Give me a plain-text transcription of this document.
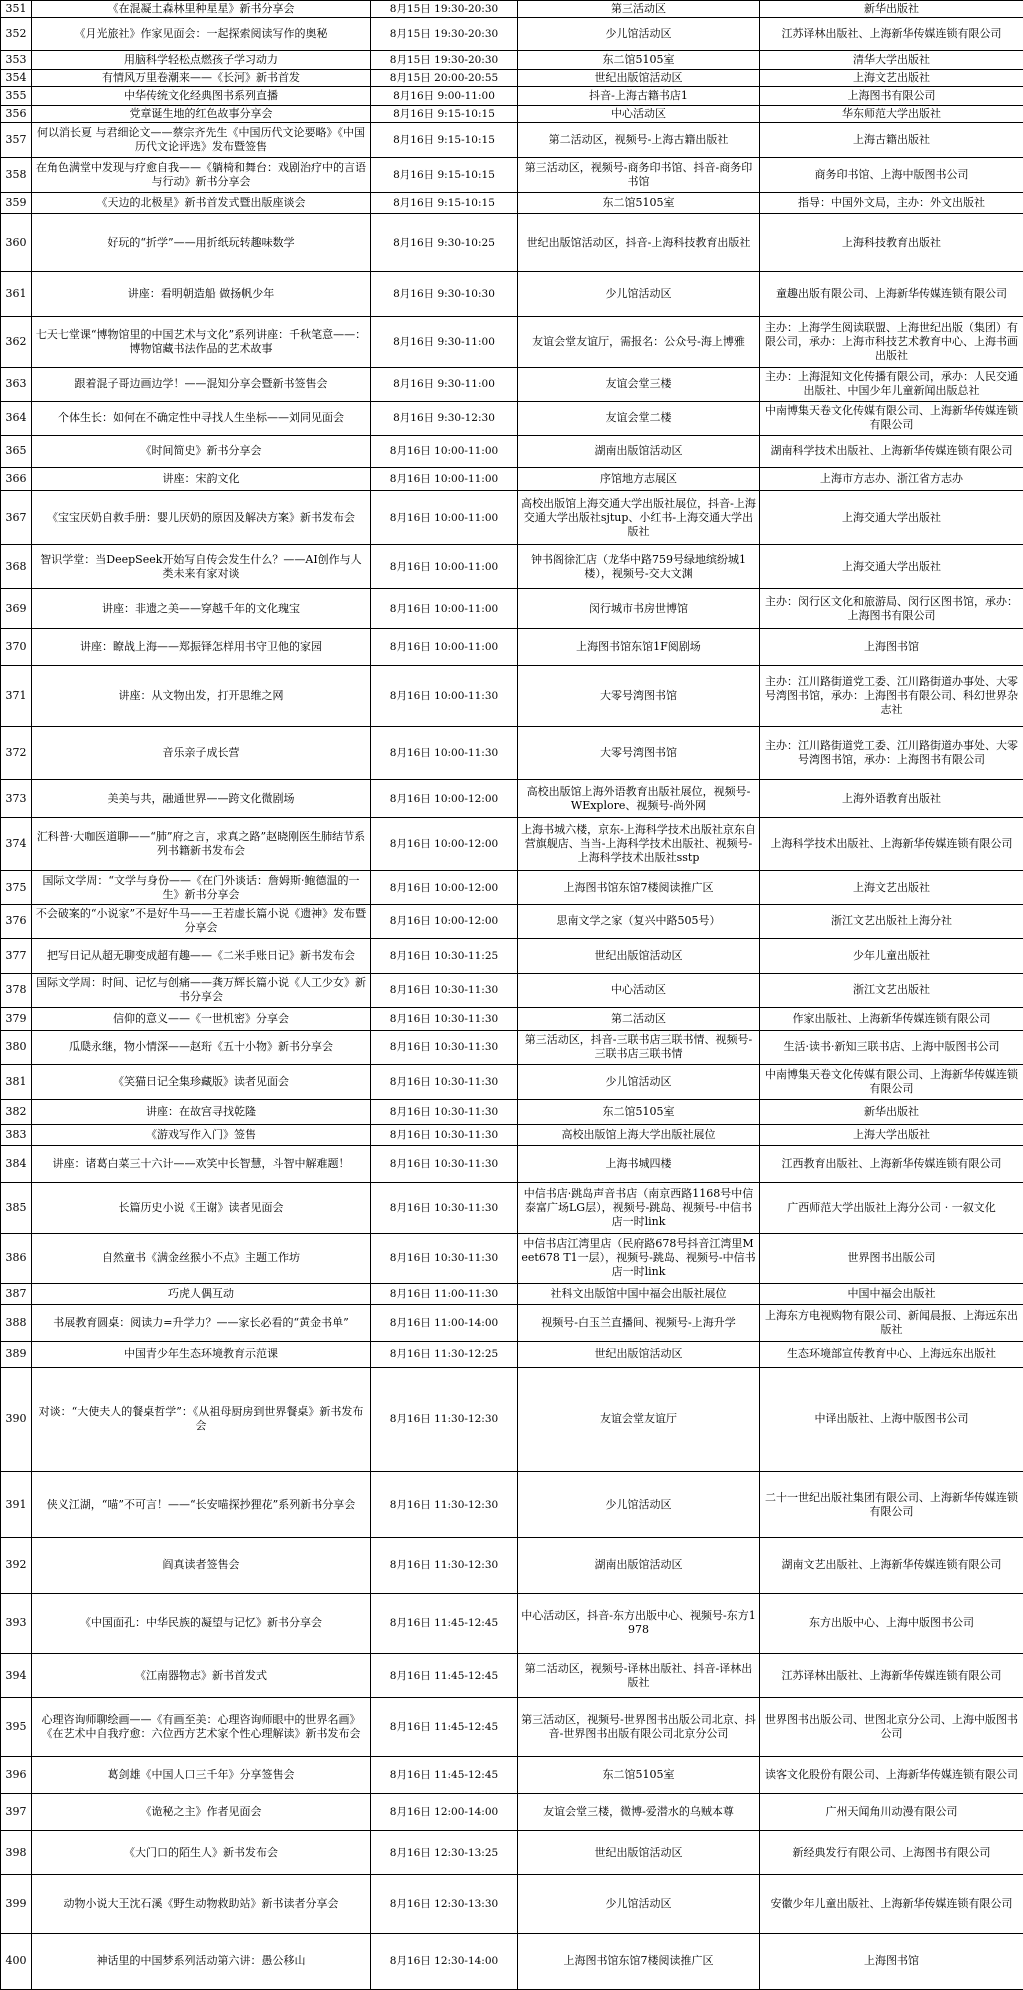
351	《在混凝土森林里种星星》新书分享会	8月15日 19:30-20:30	第三活动区	新华出版社
352	《月光旅社》作家见面会：一起探索阅读写作的奥秘	8月15日 19:30-20:30	少儿馆活动区	江苏译林出版社、上海新华传媒连锁有限公司
353	用脑科学轻松点燃孩子学习动力	8月15日 19:30-20:30	东二馆5105室	清华大学出版社
354	有情风万里卷潮来——《长河》新书首发	8月15日 20:00-20:55	世纪出版馆活动区	上海文艺出版社
355	中华传统文化经典图书系列直播	8月16日 9:00-11:00	抖音-上海古籍书店1	上海图书有限公司
356	党章诞生地的红色故事分享会	8月16日 9:15-10:15	中心活动区	华东师范大学出版社
357	何以消长夏 与君细论文——蔡宗齐先生《中国历代文论要略》《中国历代文论评选》发布暨签售	8月16日 9:15-10:15	第二活动区，视频号-上海古籍出版社	上海古籍出版社
358	在角色满堂中发现与疗愈自我——《躺椅和舞台：戏剧治疗中的言语与行动》新书分享会	8月16日 9:15-10:15	第三活动区，视频号-商务印书馆、抖音-商务印书馆	商务印书馆、上海中版图书公司
359	《天边的北极星》新书首发式暨出版座谈会	8月16日 9:15-10:15	东二馆5105室	指导：中国外文局，主办：外文出版社
360	好玩的“折学”——用折纸玩转趣味数学	8月16日 9:30-10:25	世纪出版馆活动区，抖音-上海科技教育出版社	上海科技教育出版社
361	讲座：看明朝造船 做扬帆少年	8月16日 9:30-10:30	少儿馆活动区	童趣出版有限公司、上海新华传媒连锁有限公司
362	七天七堂课“博物馆里的中国艺术与文化”系列讲座：千秋笔意——：博物馆藏书法作品的艺术故事	8月16日 9:30-11:00	友谊会堂友谊厅，需报名：公众号-海上博雅	主办：上海学生阅读联盟、上海世纪出版（集团）有限公司，承办：上海市科技艺术教育中心、上海书画出版社
363	跟着混子哥边画边学！——混知分享会暨新书签售会	8月16日 9:30-11:00	友谊会堂三楼	主办：上海混知文化传播有限公司，承办：人民交通出版社、中国少年儿童新闻出版总社
364	个体生长：如何在不确定性中寻找人生坐标——刘同见面会	8月16日 9:30-12:30	友谊会堂二楼	中南博集天卷文化传媒有限公司、上海新华传媒连锁有限公司
365	《时间简史》新书分享会	8月16日 10:00-11:00	湖南出版馆活动区	湖南科学技术出版社、上海新华传媒连锁有限公司
366	讲座：宋韵文化	8月16日 10:00-11:00	序馆地方志展区	上海市方志办、浙江省方志办
367	《宝宝厌奶自救手册：婴儿厌奶的原因及解决方案》新书发布会	8月16日 10:00-11:00	高校出版馆上海交通大学出版社展位，抖音-上海交通大学出版社sjtup、小红书-上海交通大学出版社	上海交通大学出版社
368	智识学堂：当DeepSeek开始写自传会发生什么？——AI创作与人类未来有家对谈	8月16日 10:00-11:00	钟书阁徐汇店（龙华中路759号绿地缤纷城1楼），视频号-交大文渊	上海交通大学出版社
369	讲座：非遗之美——穿越千年的文化瑰宝	8月16日 10:00-11:00	闵行城市书房世博馆	主办：闵行区文化和旅游局、闵行区图书馆，承办：上海图书有限公司
370	讲座：瞭战上海——郑振铎怎样用书守卫他的家园	8月16日 10:00-11:00	上海图书馆东馆1F阅剧场	上海图书馆
371	讲座：从文物出发，打开思维之网	8月16日 10:00-11:30	大零号湾图书馆	主办：江川路街道党工委、江川路街道办事处、大零号湾图书馆，承办：上海图书有限公司、科幻世界杂志社
372	音乐亲子成长营	8月16日 10:00-11:30	大零号湾图书馆	主办：江川路街道党工委、江川路街道办事处、大零号湾图书馆，承办：上海图书有限公司
373	美美与共，融通世界——跨文化微剧场	8月16日 10:00-12:00	高校出版馆上海外语教育出版社展位，视频号-WExplore、视频号-尚外网	上海外语教育出版社
374	汇科普·大咖医道聊——“肺”府之言，求真之路”赵晓刚医生肺结节系列书籍新书发布会	8月16日 10:00-12:00	上海书城六楼，京东-上海科学技术出版社京东自营旗舰店、当当-上海科学技术出版社、视频号-上海科学技术出版社sstp	上海科学技术出版社、上海新华传媒连锁有限公司
375	国际文学周：“文学与身份——《在门外谈话：詹姆斯·鲍德温的一生》新书分享会	8月16日 10:00-12:00	上海图书馆东馆7楼阅读推广区	上海文艺出版社
376	不会破案的“小说家”不是好牛马——王若虚长篇小说《遗神》发布暨分享会	8月16日 10:00-12:00	思南文学之家（复兴中路505号）	浙江文艺出版社上海分社
377	把写日记从超无聊变成超有趣——《二米手账日记》新书发布会	8月16日 10:30-11:25	世纪出版馆活动区	少年儿童出版社
378	国际文学周：时间、记忆与创痛——龚万辉长篇小说《人工少女》新书分享会	8月16日 10:30-11:30	中心活动区	浙江文艺出版社
379	信仰的意义——《一世机密》分享会	8月16日 10:30-11:30	第二活动区	作家出版社、上海新华传媒连锁有限公司
380	瓜瓞永继，物小情深——赵珩《五十小物》新书分享会	8月16日 10:30-11:30	第三活动区，抖音-三联书店三联书情、视频号-三联书店三联书情	生活·读书·新知三联书店、上海中版图书公司
381	《笑猫日记全集珍藏版》读者见面会	8月16日 10:30-11:30	少儿馆活动区	中南博集天卷文化传媒有限公司、上海新华传媒连锁有限公司
382	讲座：在故宫寻找乾隆	8月16日 10:30-11:30	东二馆5105室	新华出版社
383	《游戏写作入门》签售	8月16日 10:30-11:30	高校出版馆上海大学出版社展位	上海大学出版社
384	讲座：诸葛白菜三十六计——欢笑中长智慧，斗智中解难题！	8月16日 10:30-11:30	上海书城四楼	江西教育出版社、上海新华传媒连锁有限公司
385	长篇历史小说《王谢》读者见面会	8月16日 10:30-11:30	中信书店·跳岛声音书店（南京西路1168号中信泰富广场LG层），视频号-跳岛、视频号-中信书店一时link	广西师范大学出版社上海分公司 · 一叙文化
386	自然童书《满金丝猴小不点》主题工作坊	8月16日 10:30-11:30	中信书店江湾里店（民府路678号抖音江湾里Meet678 T1一层），视频号-跳岛、视频号-中信书店一时link	世界图书出版公司
387	巧虎人偶互动	8月16日 11:00-11:30	社科文出版馆中国中福会出版社展位	中国中福会出版社
388	书展教育圆桌：阅读力=升学力？——家长必看的“黄金书单”	8月16日 11:00-14:00	视频号-白玉兰直播间、视频号-上海升学	上海东方电视购物有限公司、新闻晨报、上海远东出版社
389	中国青少年生态环境教育示范课	8月16日 11:30-12:25	世纪出版馆活动区	生态环境部宣传教育中心、上海远东出版社
390	对谈：“大使夫人的餐桌哲学”：《从祖母厨房到世界餐桌》新书发布会	8月16日 11:30-12:30	友谊会堂友谊厅	中译出版社、上海中版图书公司
391	侠义江湖，“喵”不可言！——“长安喵探抄狸花”系列新书分享会	8月16日 11:30-12:30	少儿馆活动区	二十一世纪出版社集团有限公司、上海新华传媒连锁有限公司
392	阎真读者签售会	8月16日 11:30-12:30	湖南出版馆活动区	湖南文艺出版社、上海新华传媒连锁有限公司
393	《中国面孔：中华民族的凝望与记忆》新书分享会	8月16日 11:45-12:45	中心活动区，抖音-东方出版中心、视频号-东方1978	东方出版中心、上海中版图书公司
394	《江南器物志》新书首发式	8月16日 11:45-12:45	第二活动区，视频号-译林出版社、抖音-译林出版社	江苏译林出版社、上海新华传媒连锁有限公司
395	心理咨询师聊绘画——《有画至美：心理咨询师眼中的世界名画》《在艺术中自我疗愈：六位西方艺术家个性心理解读》新书发布会	8月16日 11:45-12:45	第三活动区，视频号-世界图书出版公司北京、抖音-世界图书出版有限公司北京分公司	世界图书出版公司、世图北京分公司、上海中版图书公司
396	葛剑雄《中国人口三千年》分享签售会	8月16日 11:45-12:45	东二馆5105室	读客文化股份有限公司、上海新华传媒连锁有限公司
397	《诡秘之主》作者见面会	8月16日 12:00-14:00	友谊会堂三楼，微博-爱潜水的乌贼本尊	广州天闻角川动漫有限公司
398	《大门口的陌生人》新书发布会	8月16日 12:30-13:25	世纪出版馆活动区	新经典发行有限公司、上海图书有限公司
399	动物小说大王沈石溪《野生动物救助站》新书读者分享会	8月16日 12:30-13:30	少儿馆活动区	安徽少年儿童出版社、上海新华传媒连锁有限公司
400	神话里的中国梦系列活动第六讲：愚公移山	8月16日 12:30-14:00	上海图书馆东馆7楼阅读推广区	上海图书馆
